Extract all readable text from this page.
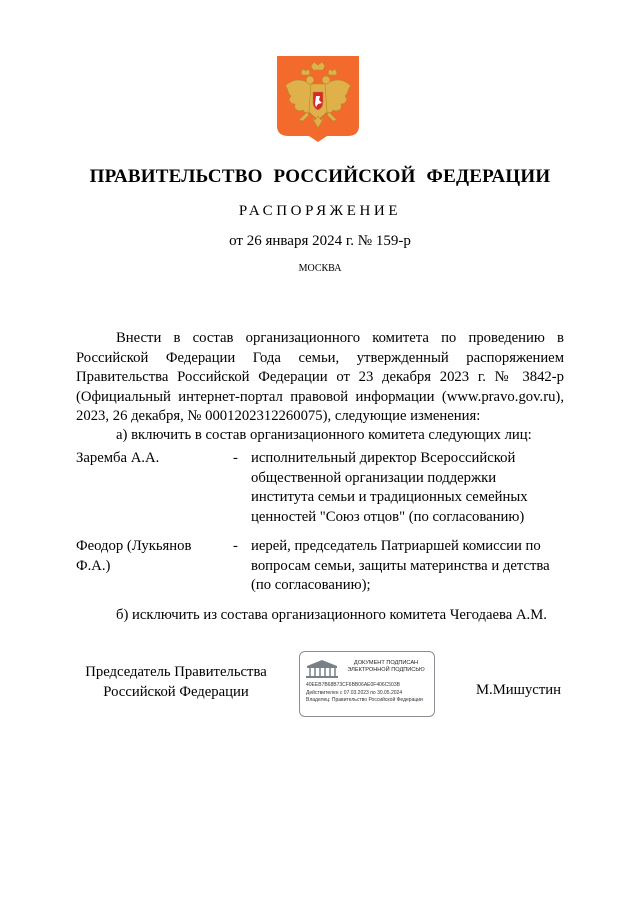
ПРАВИТЕЛЬСТВО РОССИЙСКОЙ ФЕДЕРАЦИИ
РАСПОРЯЖЕНИЕ
от 26 января 2024 г. № 159-р
МОСКВА
Внести в состав организационного комитета по проведению в Российской Федерации Года семьи, утвержденный распоряжением Правительства Российской Федерации от 23 декабря 2023 г. № 3842-р (Официальный интернет-портал правовой информации (www.pravo.gov.ru), 2023, 26 декабря, № 0001202312260075), следующие изменения:
а) включить в состав организационного комитета следующих лиц:
Заремба А.А.	- исполнительный директор Всероссийской общественной организации поддержки института семьи и традиционных семейных ценностей "Союз отцов" (по согласованию)
Феодор (Лукьянов Ф.А.)
- иерей, председатель Патриаршей комиссии по вопросам семьи, защиты материнства и детства (по согласованию);
б) исключить из состава организационного комитета Чегодаева А.М.
Председатель Правительства Российской Федерации
ДОКУМЕНТ ПОДПИСАН ЭЛЕКТРОННОЙ ПОДПИСЬЮ
40EEB7B68B73CF6BB06AE0F406C503B
Действителен с 07.03.2023 по 30.05.2024
Владелец: Правительство Российской Федерации
М.Мишустин
